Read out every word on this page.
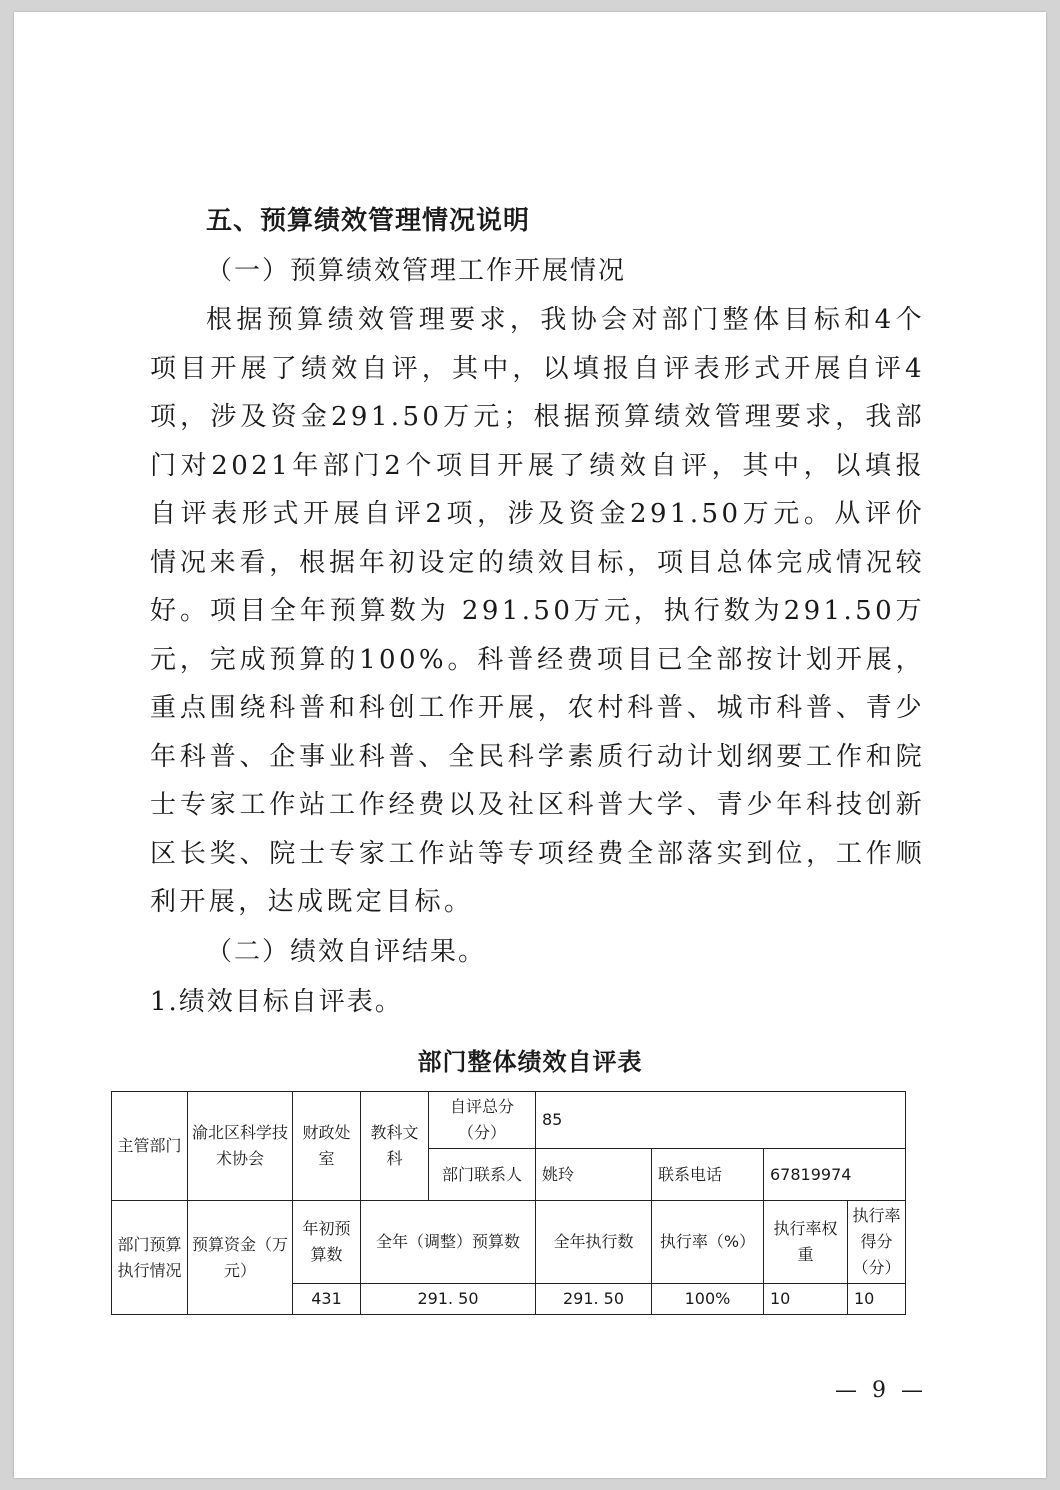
五、预算绩效管理情况说明
（一）预算绩效管理工作开展情况

根据预算绩效管理要求，我协会对部门整体目标和4个项目开展了绩效自评，其中，以填报自评表形式开展自评4项，涉及资金291.50万元；根据预算绩效管理要求，我部门对2021年部门2个项目开展了绩效自评，其中，以填报自评表形式开展自评2项，涉及资金291.50万元。从评价情况来看，根据年初设定的绩效目标，项目总体完成情况较好。项目全年预算数为 291.50万元，执行数为291.50万元，完成预算的100%。科普经费项目已全部按计划开展，重点围绕科普和科创工作开展，农村科普、城市科普、青少年科普、企事业科普、全民科学素质行动计划纲要工作和院士专家工作站工作经费以及社区科普大学、青少年科技创新区长奖、院士专家工作站等专项经费全部落实到位，工作顺利开展，达成既定目标。

（二）绩效自评结果。
1.绩效目标自评表。
部门整体绩效自评表
主管部门	渝北区科学技术协会	财政处室	教科文科	自评总分（分）	85			
				部门联系人	姚玲	联系电话	67819974	
部门预算执行情况	预算资金（万元）	年初预算数	全年（调整）预算数		全年执行数	执行率（%）	执行率权重	执行率得分（分）
		431	291. 50		291. 50	100%	10	10
— 9 —
